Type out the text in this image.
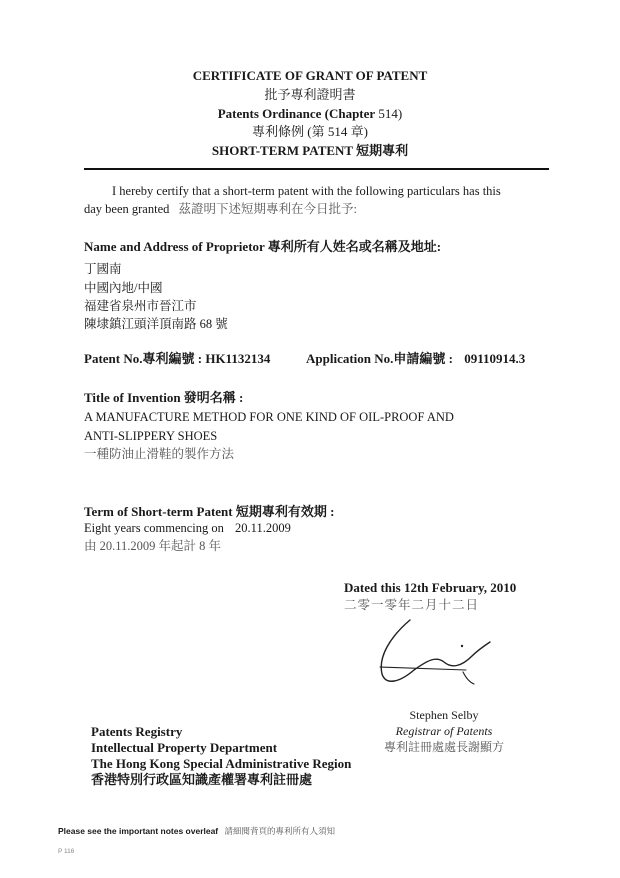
CERTIFICATE OF GRANT OF PATENT
批予專利證明書
Patents Ordinance (Chapter 514)
專利條例 (第 514 章)
SHORT-TERM PATENT 短期專利
I hereby certify that a short-term patent with the following particulars has this
day been granted 茲證明下述短期專利在今日批予:
Name and Address of Proprietor 專利所有人姓名或名稱及地址:
丁國南
中國內地/中國
福建省泉州市晉江市
陳埭鎮江頭洋頂南路 68 號
Patent No.專利編號 : HK1132134	Application No.申請編號 : 09110914.3
Title of Invention 發明名稱 :
A MANUFACTURE METHOD FOR ONE KIND OF OIL-PROOF AND
ANTI-SLIPPERY SHOES
一種防油止滑鞋的製作方法
Term of Short-term Patent 短期專利有效期 :
Eight years commencing on 20.11.2009
由 20.11.2009 年起計 8 年
Dated this 12th February, 2010
二零一零年二月十二日
Stephen Selby
Registrar of Patents
專利註冊處處長謝顯方
Patents Registry
Intellectual Property Department
The Hong Kong Special Administrative Region
香港特別行政區知識產權署專利註冊處
Please see the important notes overleaf 請細閱背頁的專利所有人須知
P 116
